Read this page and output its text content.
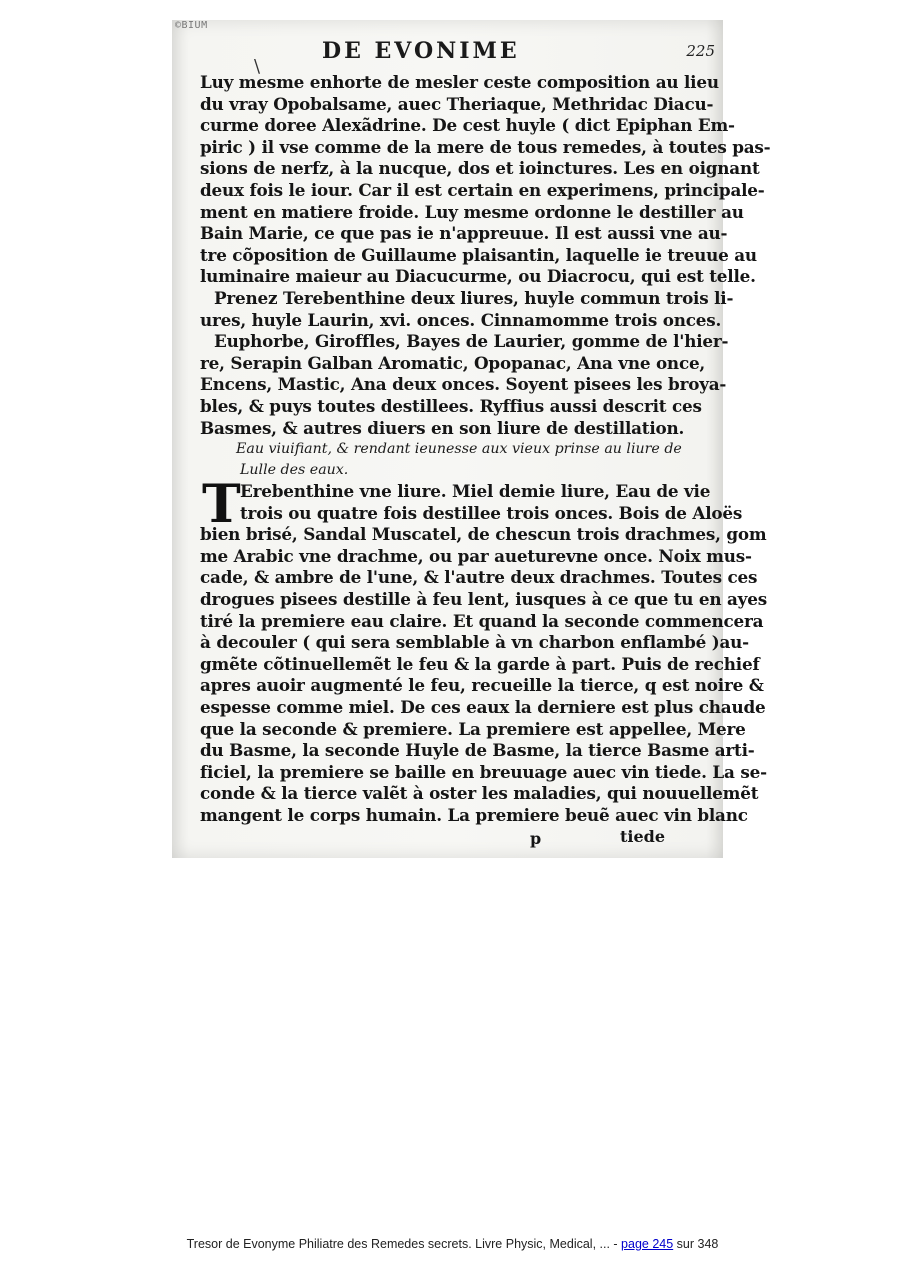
©BIUM
\
DE EVONIME	225
Luy mesme enhorte de mesler ceste composition au lieu
du vray Opobalsame, auec Theriaque, Methridac Diacu-
curme doree Alexãdrine. De cest huyle ( dict Epiphan Em-
piric ) il vse comme de la mere de tous remedes, à toutes pas-
sions de nerfz, à la nucque, dos et ioinctures. Les en oignant
deux fois le iour. Car il est certain en experimens, principale-
ment en matiere froide. Luy mesme ordonne le destiller au
Bain Marie, ce que pas ie n'appreuue. Il est aussi vne au-
tre cõposition de Guillaume plaisantin, laquelle ie treuue au
luminaire maieur au Diacucurme, ou Diacrocu, qui est telle.
Prenez Terebenthine deux liures, huyle commun trois li-
ures, huyle Laurin, xvi. onces. Cinnamomme trois onces.
Euphorbe, Giroffles, Bayes de Laurier, gomme de l'hier-
re, Serapin Galban Aromatic, Opopanac, Ana vne once,
Encens, Mastic, Ana deux onces. Soyent pisees les broya-
bles, & puys toutes destillees. Ryffius aussi descrit ces
Basmes, & autres diuers en son liure de destillation.
Eau viuifiant, & rendant ieunesse aux vieux prinse au liure de
Lulle des eaux.
T Erebenthine vne liure. Miel demie liure, Eau de vie
trois ou quatre fois destillee trois onces. Bois de Aloës
bien brisé, Sandal Muscatel, de chescun trois drachmes, gom
me Arabic vne drachme, ou par aueturevne once. Noix mus-
cade, & ambre de l'une, & l'autre deux drachmes. Toutes ces
drogues pisees destille à feu lent, iusques à ce que tu en ayes
tiré la premiere eau claire. Et quand la seconde commencera
à decouler ( qui sera semblable à vn charbon enflambé )au-
gmẽte cõtinuellemẽt le feu & la garde à part. Puis de rechief
apres auoir augmenté le feu, recueille la tierce, q est noire &
espesse comme miel. De ces eaux la derniere est plus chaude
que la seconde & premiere. La premiere est appellee, Mere
du Basme, la seconde Huyle de Basme, la tierce Basme arti-
ficiel, la premiere se baille en breuuage auec vin tiede. La se-
conde & la tierce valẽt à oster les maladies, qui nouuellemẽt
mangent le corps humain. La premiere beuẽ auec vin blanc
p	tiede
Tresor de Evonyme Philiatre des Remedes secrets. Livre Physic, Medical, ... - page 245 sur 348
